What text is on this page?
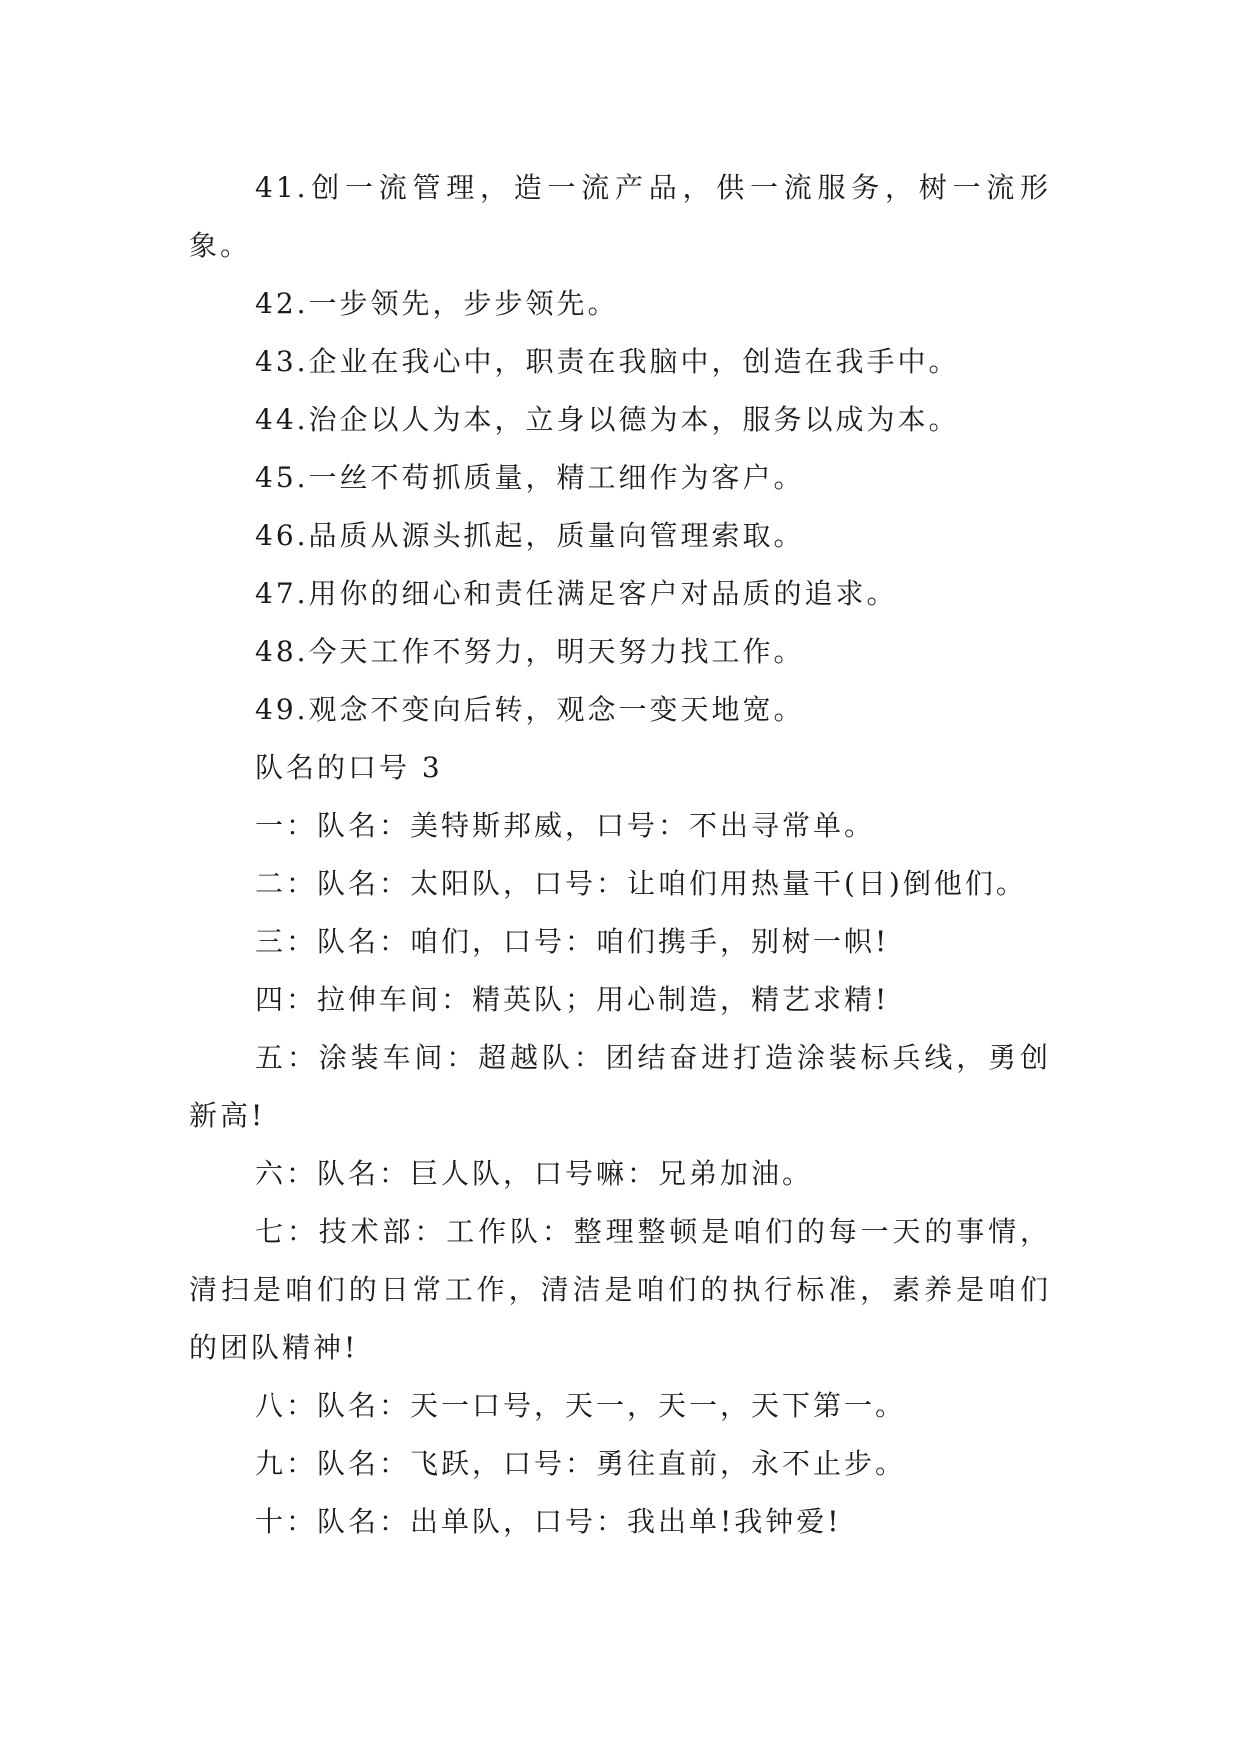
41.创一流管理，造一流产品，供一流服务，树一流形象。

42.一步领先，步步领先。

43.企业在我心中，职责在我脑中，创造在我手中。

44.治企以人为本，立身以德为本，服务以成为本。

45.一丝不苟抓质量，精工细作为客户。

46.品质从源头抓起，质量向管理索取。

47.用你的细心和责任满足客户对品质的追求。

48.今天工作不努力，明天努力找工作。

49.观念不变向后转，观念一变天地宽。

队名的口号 3

一：队名：美特斯邦威，口号：不出寻常单。

二：队名：太阳队，口号：让咱们用热量干(日)倒他们。

三：队名：咱们，口号：咱们携手，别树一帜!

四：拉伸车间：精英队；用心制造，精艺求精!

五：涂装车间：超越队：团结奋进打造涂装标兵线，勇创新高!

六：队名：巨人队，口号嘛：兄弟加油。

七：技术部：工作队：整理整顿是咱们的每一天的事情，清扫是咱们的日常工作，清洁是咱们的执行标准，素养是咱们的团队精神!

八：队名：天一口号，天一，天一，天下第一。

九：队名：飞跃，口号：勇往直前，永不止步。

十：队名：出单队，口号：我出单!我钟爱!
